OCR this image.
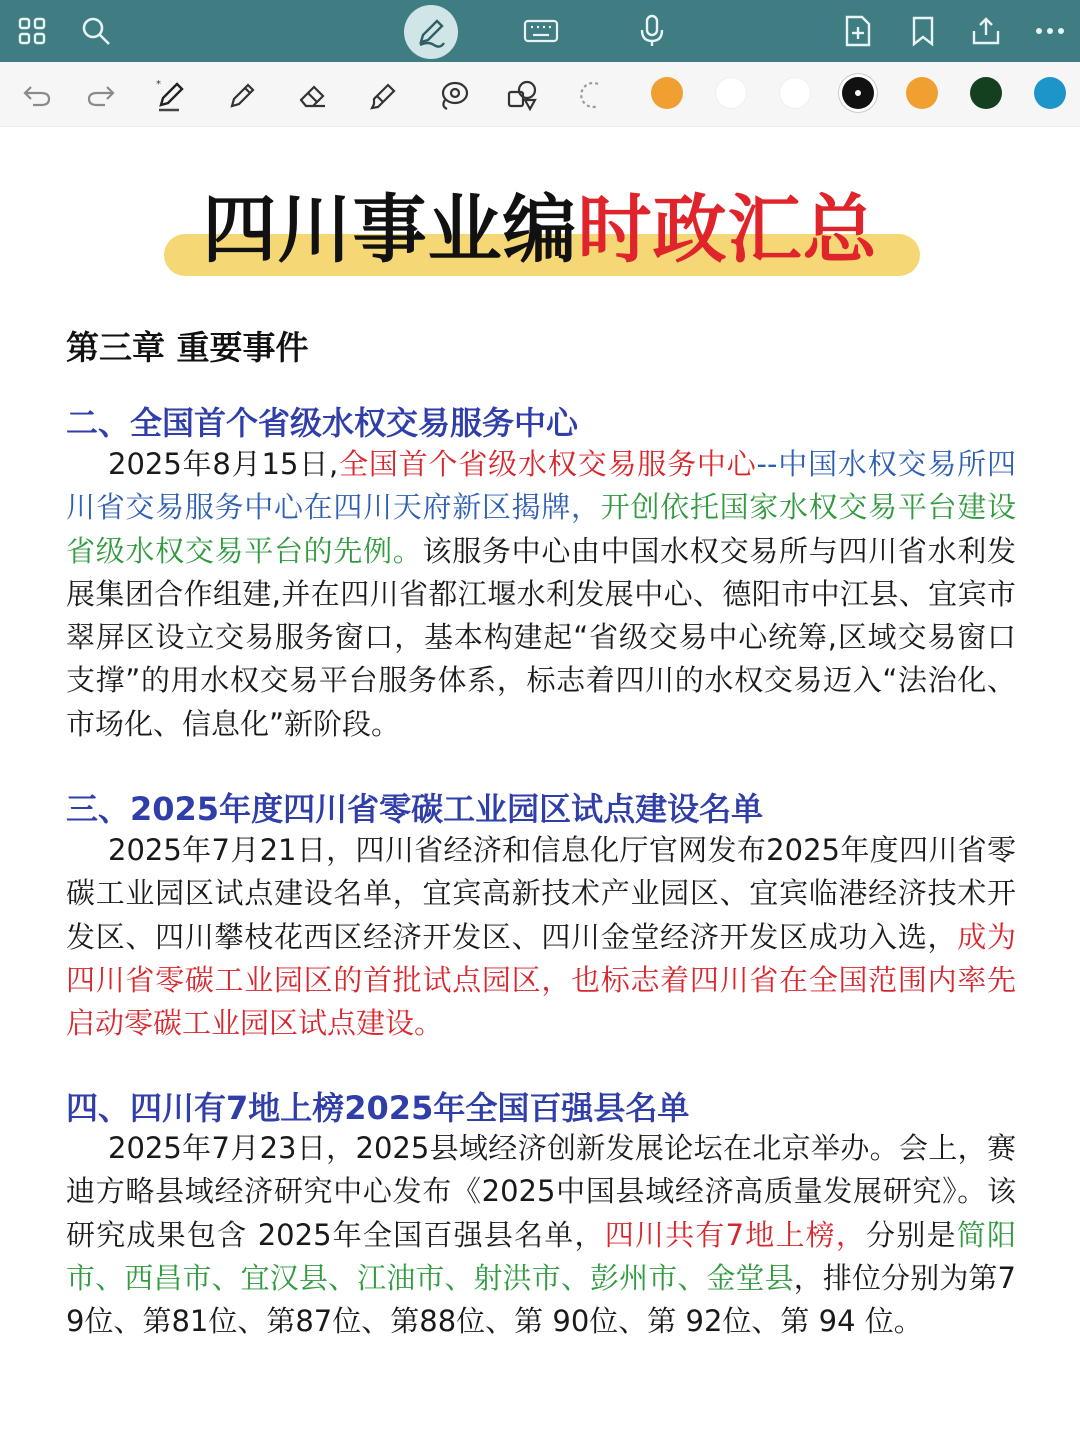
*
四川事业编时政汇总
第三章 重要事件
二、全国首个省级水权交易服务中心
2025年8月15日,全国首个省级水权交易服务中心--中国水权交易所四川省交易服务中心在四川天府新区揭牌，开创依托国家水权交易平台建设省级水权交易平台的先例。该服务中心由中国水权交易所与四川省水利发展集团合作组建,并在四川省都江堰水利发展中心、德阳市中江县、宜宾市翠屏区设立交易服务窗口，基本构建起“省级交易中心统筹,区域交易窗口支撑”的用水权交易平台服务体系，标志着四川的水权交易迈入“法治化、市场化、信息化”新阶段。
三、2025年度四川省零碳工业园区试点建设名单
2025年7月21日，四川省经济和信息化厅官网发布2025年度四川省零碳工业园区试点建设名单，宜宾高新技术产业园区、宜宾临港经济技术开发区、四川攀枝花西区经济开发区、四川金堂经济开发区成功入选，成为四川省零碳工业园区的首批试点园区，也标志着四川省在全国范围内率先启动零碳工业园区试点建设。
四、四川有7地上榜2025年全国百强县名单
2025年7月23日，2025县域经济创新发展论坛在北京举办。会上，赛迪方略县域经济研究中心发布《2025中国县域经济高质量发展研究》。该研究成果包含 2025年全国百强县名单，四川共有7地上榜，分别是简阳市、西昌市、宜汉县、江油市、射洪市、彭州市、金堂县，排位分别为第79位、第81位、第87位、第88位、第 90位、第 92位、第 94 位。
